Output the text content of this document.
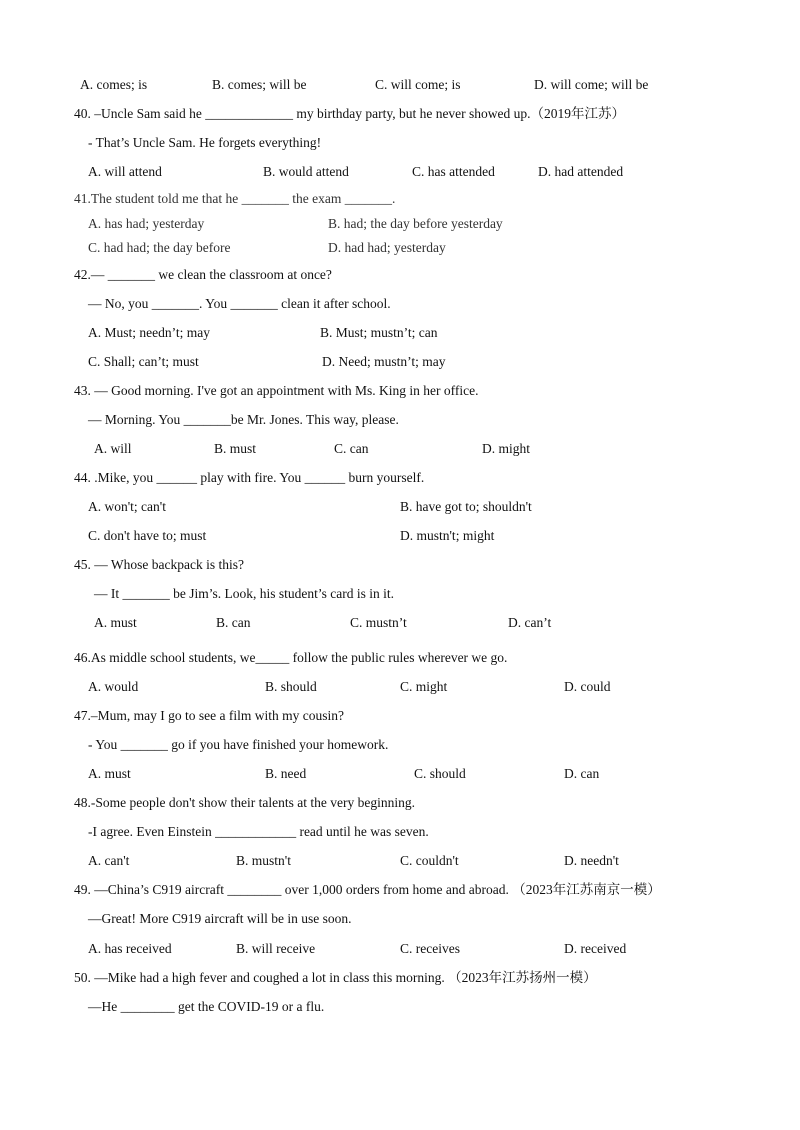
A. comes; is	B. comes; will be	C. will come; is	D. will come; will be
40. –Uncle Sam said he _____________ my birthday party, but he never showed up.（2019年江苏）
- That’s Uncle Sam. He forgets everything!
A. will attend	B. would attend	C. has attended	D. had attended
41.The student told me that he _______ the exam _______.
A. has had; yesterday	B. had; the day before yesterday
C. had had; the day before	D. had had; yesterday
42.— _______ we clean the classroom at once?
— No, you _______. You _______ clean it after school.
A. Must; needn’t; may	B. Must; mustn’t; can
C. Shall; can’t; must	D. Need; mustn’t; may
43. — Good morning. I've got an appointment with Ms. King in her office.
— Morning. You _______be Mr. Jones. This way, please.
A. will	B. must	C. can	D. might
44. .Mike, you ______ play with fire. You ______ burn yourself.
A. won't; can't	B. have got to; shouldn't
C. don't have to; must	D. mustn't; might
45. — Whose backpack is this?
— It _______ be Jim’s. Look, his student’s card is in it.
A. must	B. can	C. mustn’t	D. can’t
46.As middle school students, we_____ follow the public rules wherever we go.
A. would	B. should	C. might	D. could
47.–Mum, may I go to see a film with my cousin?
- You _______ go if you have finished your homework.
A. must	B. need	C. should	D. can
48.-Some people don't show their talents at the very beginning.
-I agree. Even Einstein ____________ read until he was seven.
A. can't	B. mustn't	C. couldn't	D. needn't
49. —China’s C919 aircraft ________ over 1,000 orders from home and abroad. （2023年江苏南京一模）
—Great! More C919 aircraft will be in use soon.
A. has received	B. will receive	C. receives	D. received
50. —Mike had a high fever and coughed a lot in class this morning. （2023年江苏扬州一模）
—He ________ get the COVID-19 or a flu.
